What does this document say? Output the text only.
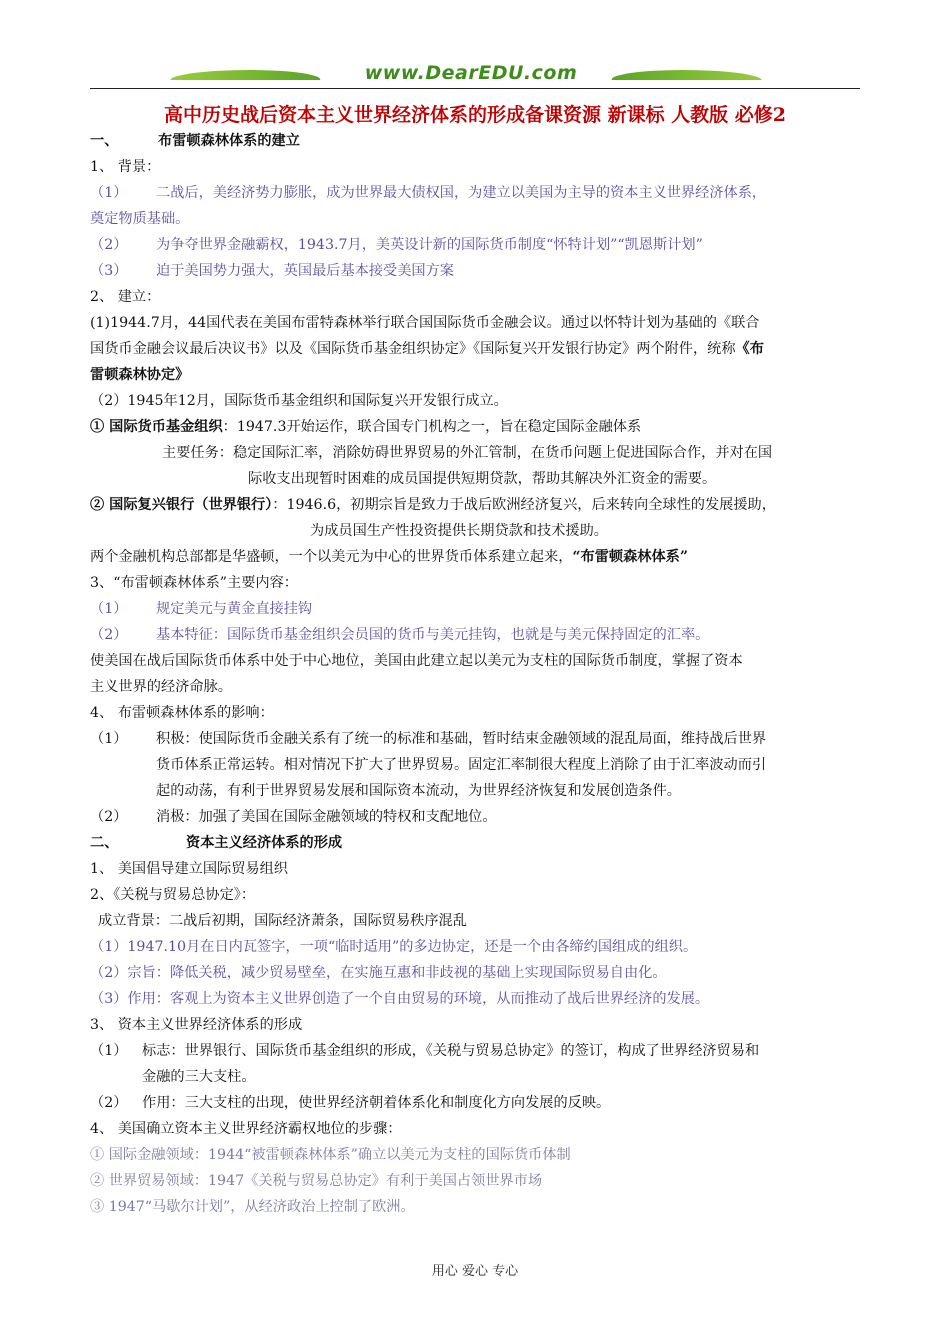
www.DearEDU.com
高中历史战后资本主义世界经济体系的形成备课资源 新课标 人教版 必修2
一、	布雷顿森林体系的建立
1、 背景：
（1） 二战后，美经济势力膨胀，成为世界最大债权国，为建立以美国为主导的资本主义世界经济体系，
奠定物质基础。
（2） 为争夺世界金融霸权，1943.7月，美英设计新的国际货币制度“怀特计划”“凯恩斯计划”
（3） 迫于美国势力强大，英国最后基本接受美国方案
2、 建立：
(1)1944.7月，44国代表在美国布雷特森林举行联合国国际货币金融会议。通过以怀特计划为基础的《联合
国货币金融会议最后决议书》以及《国际货币基金组织协定》《国际复兴开发银行协定》两个附件，统称《布
雷顿森林协定》
（2）1945年12月，国际货币基金组织和国际复兴开发银行成立。
① 国际货币基金组织：1947.3开始运作，联合国专门机构之一，旨在稳定国际金融体系
主要任务：稳定国际汇率，消除妨碍世界贸易的外汇管制，在货币问题上促进国际合作，并对在国
际收支出现暂时困难的成员国提供短期贷款，帮助其解决外汇资金的需要。
② 国际复兴银行（世界银行）：1946.6，初期宗旨是致力于战后欧洲经济复兴，后来转向全球性的发展援助，
为成员国生产性投资提供长期贷款和技术援助。
两个金融机构总部都是华盛顿，一个以美元为中心的世界货币体系建立起来，“布雷顿森林体系”
3、“布雷顿森林体系”主要内容：
（1） 规定美元与黄金直接挂钩
（2） 基本特征：国际货币基金组织会员国的货币与美元挂钩，也就是与美元保持固定的汇率。
使美国在战后国际货币体系中处于中心地位，美国由此建立起以美元为支柱的国际货币制度，掌握了资本
主义世界的经济命脉。
4、 布雷顿森林体系的影响：
（1） 积极：使国际货币金融关系有了统一的标准和基础，暂时结束金融领域的混乱局面，维持战后世界
货币体系正常运转。相对情况下扩大了世界贸易。固定汇率制很大程度上消除了由于汇率波动而引
起的动荡，有利于世界贸易发展和国际资本流动，为世界经济恢复和发展创造条件。
（2） 消极：加强了美国在国际金融领域的特权和支配地位。
二、	资本主义经济体系的形成
1、 美国倡导建立国际贸易组织
2、《关税与贸易总协定》：
成立背景：二战后初期，国际经济萧条，国际贸易秩序混乱
（1）1947.10月在日内瓦签字，一项“临时适用”的多边协定，还是一个由各缔约国组成的组织。
（2）宗旨：降低关税，减少贸易壁垒，在实施互惠和非歧视的基础上实现国际贸易自由化。
（3）作用：客观上为资本主义世界创造了一个自由贸易的环境，从而推动了战后世界经济的发展。
3、 资本主义世界经济体系的形成
（1） 标志：世界银行、国际货币基金组织的形成，《关税与贸易总协定》的签订，构成了世界经济贸易和
金融的三大支柱。
（2） 作用：三大支柱的出现，使世界经济朝着体系化和制度化方向发展的反映。
4、 美国确立资本主义世界经济霸权地位的步骤：
① 国际金融领域：1944“被雷顿森林体系”确立以美元为支柱的国际货币体制
② 世界贸易领域：1947《关税与贸易总协定》有利于美国占领世界市场
③ 1947“马歇尔计划”，从经济政治上控制了欧洲。
用心 爱心 专心
